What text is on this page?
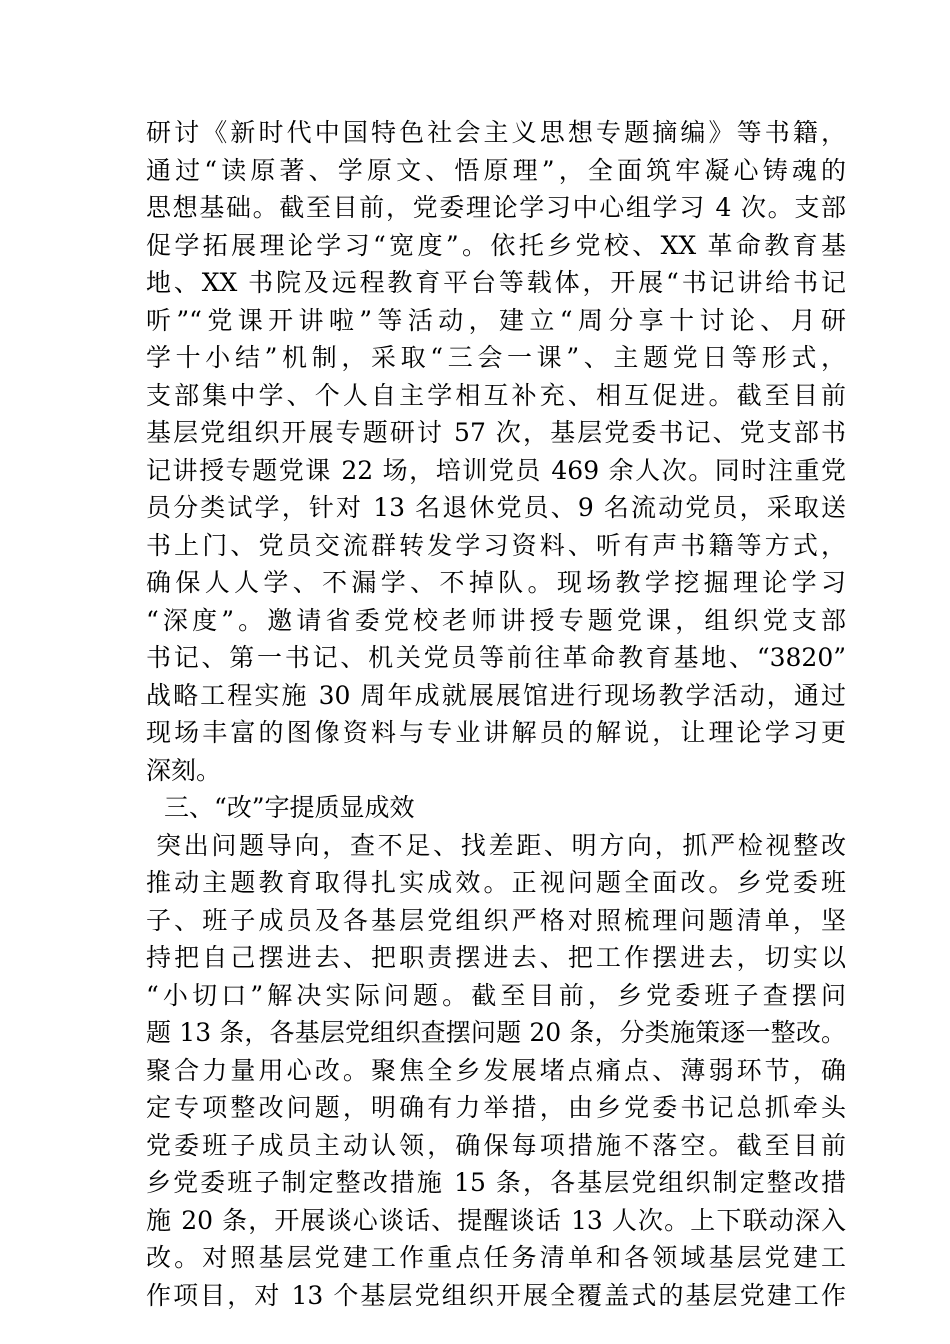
研讨《新时代中国特色社会主义思想专题摘编》等书籍，
通过“读原著、学原文、悟原理”，全面筑牢凝心铸魂的
思想基础。截至目前，党委理论学习中心组学习 4 次。支部
促学拓展理论学习“宽度”。依托乡党校、XX 革命教育基
地、XX 书院及远程教育平台等载体，开展“书记讲给书记
听”“党课开讲啦”等活动，建立“周分享十讨论、月研
学十小结”机制，采取“三会一课”、主题党日等形式，
支部集中学、个人自主学相互补充、相互促进。截至目前
基层党组织开展专题研讨 57 次，基层党委书记、党支部书
记讲授专题党课 22 场，培训党员 469 余人次。同时注重党
员分类试学，针对 13 名退休党员、9 名流动党员，采取送
书上门、党员交流群转发学习资料、听有声书籍等方式，
确保人人学、不漏学、不掉队。现场教学挖掘理论学习
“深度”。邀请省委党校老师讲授专题党课，组织党支部
书记、第一书记、机关党员等前往革命教育基地、“3820”
战略工程实施 30 周年成就展展馆进行现场教学活动，通过
现场丰富的图像资料与专业讲解员的解说，让理论学习更
深刻。
三、“改”字提质显成效
突出问题导向，查不足、找差距、明方向，抓严检视整改
推动主题教育取得扎实成效。正视问题全面改。乡党委班
子、班子成员及各基层党组织严格对照梳理问题清单，坚
持把自己摆进去、把职责摆进去、把工作摆进去，切实以
“小切口”解决实际问题。截至目前，乡党委班子查摆问
题 13 条，各基层党组织查摆问题 20 条，分类施策逐一整改。
聚合力量用心改。聚焦全乡发展堵点痛点、薄弱环节，确
定专项整改问题，明确有力举措，由乡党委书记总抓牵头
党委班子成员主动认领，确保每项措施不落空。截至目前
乡党委班子制定整改措施 15 条，各基层党组织制定整改措
施 20 条，开展谈心谈话、提醒谈话 13 人次。上下联动深入
改。对照基层党建工作重点任务清单和各领域基层党建工
作项目，对 13 个基层党组织开展全覆盖式的基层党建工作
